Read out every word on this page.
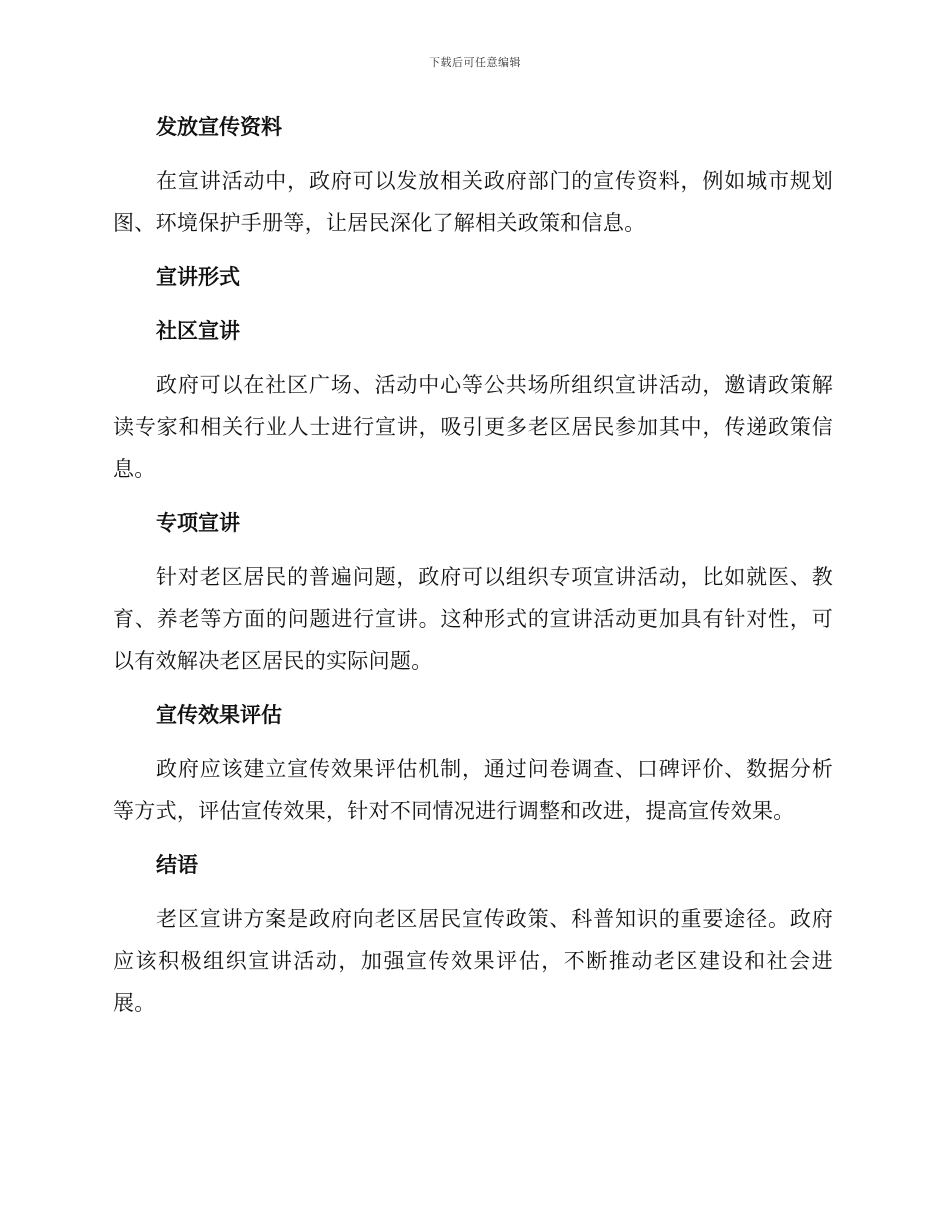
下载后可任意编辑
发放宣传资料

在宣讲活动中，政府可以发放相关政府部门的宣传资料，例如城市规划图、环境保护手册等，让居民深化了解相关政策和信息。

宣讲形式
社区宣讲

政府可以在社区广场、活动中心等公共场所组织宣讲活动，邀请政策解读专家和相关行业人士进行宣讲，吸引更多老区居民参加其中，传递政策信息。

专项宣讲

针对老区居民的普遍问题，政府可以组织专项宣讲活动，比如就医、教育、养老等方面的问题进行宣讲。这种形式的宣讲活动更加具有针对性，可以有效解决老区居民的实际问题。

宣传效果评估

政府应该建立宣传效果评估机制，通过问卷调查、口碑评价、数据分析等方式，评估宣传效果，针对不同情况进行调整和改进，提高宣传效果。

结语

老区宣讲方案是政府向老区居民宣传政策、科普知识的重要途径。政府应该积极组织宣讲活动，加强宣传效果评估，不断推动老区建设和社会进展。
